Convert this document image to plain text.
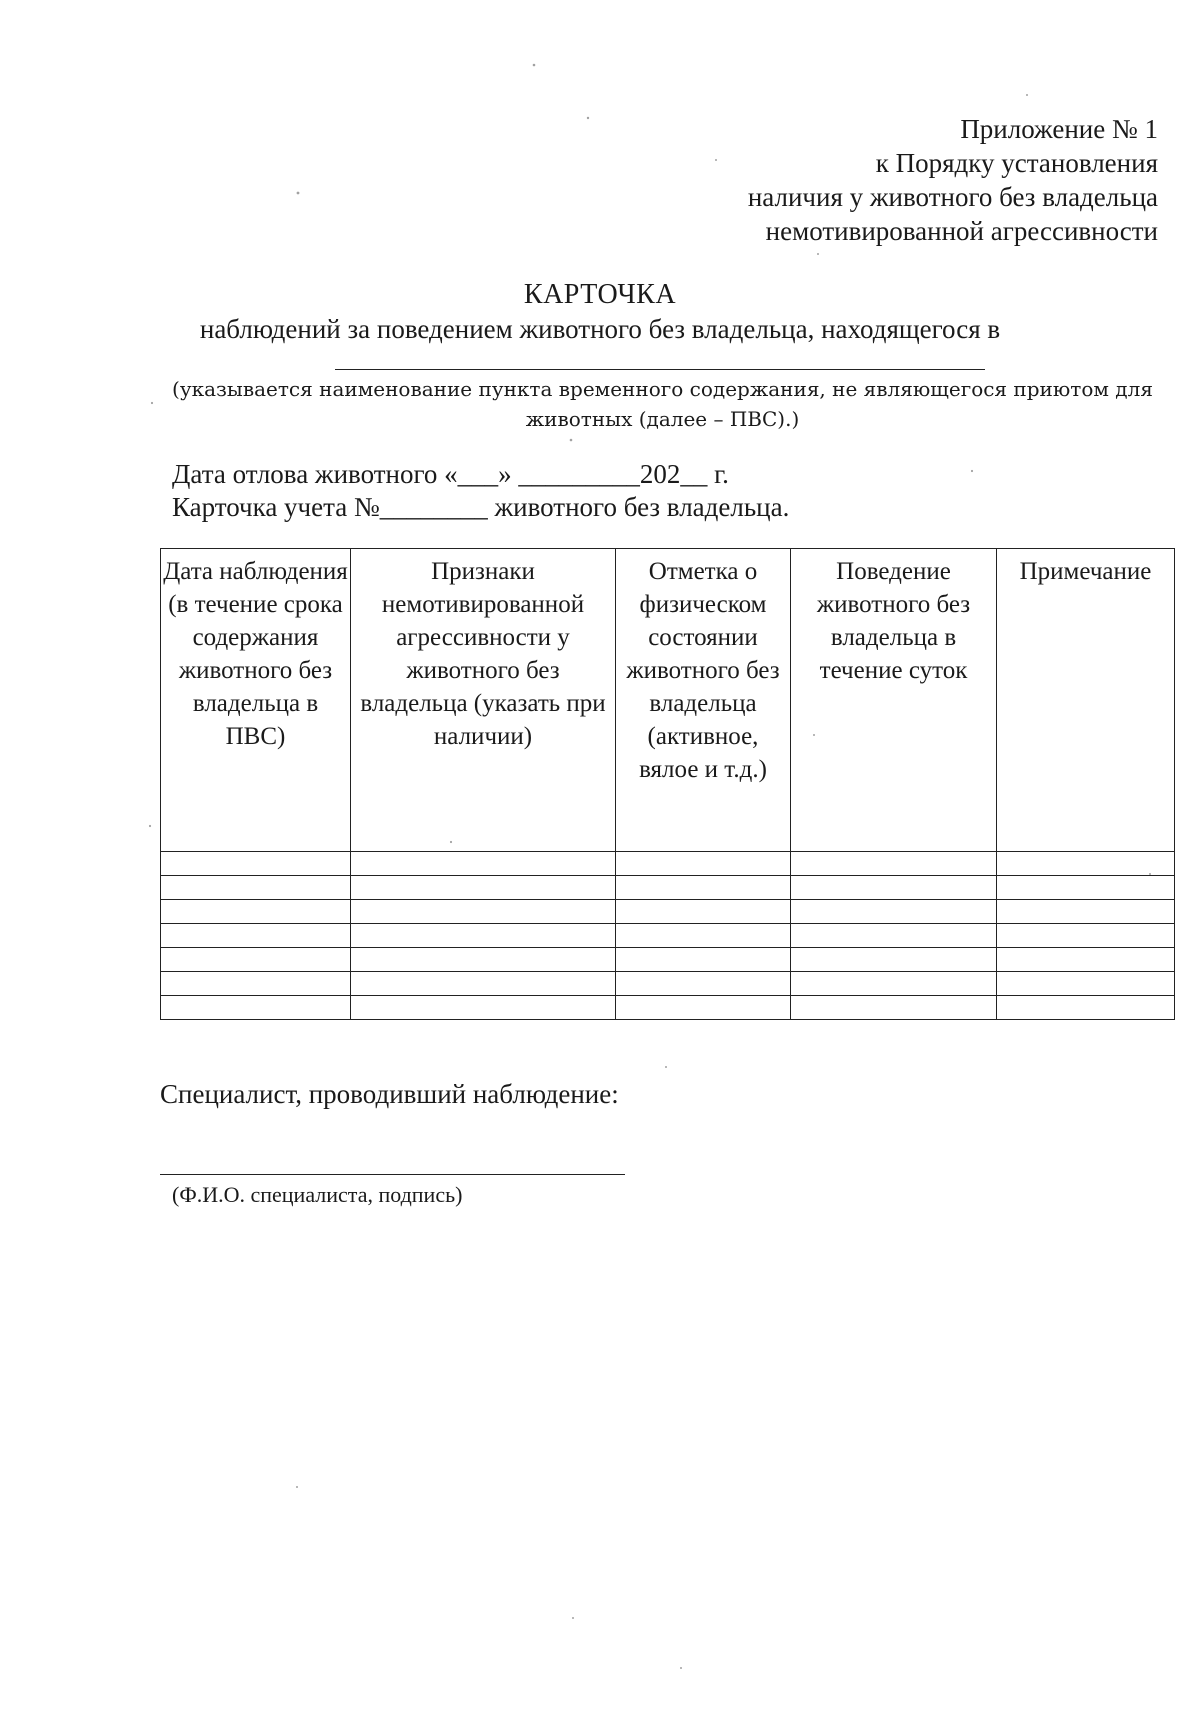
Приложение № 1
к Порядку установления
наличия у животного без владельца
немотивированной агрессивности
КАРТОЧКА
наблюдений за поведением животного без владельца, находящегося в
(указывается наименование пункта временного содержания, не являющегося приютом для животных (далее – ПВС).)
Дата отлова животного «___» _________202__ г.
Карточка учета №________ животного без владельца.
Дата наблюдения (в течение срока содержания животного без владельца в ПВС)	Признаки немотивированной агрессивности у животного без владельца (указать при наличии)	Отметка о физическом состоянии животного без владельца (активное, вялое и т.д.)	Поведение животного без владельца в течение суток	Примечание

Специалист, проводивший наблюдение:
(Ф.И.О. специалиста, подпись)
